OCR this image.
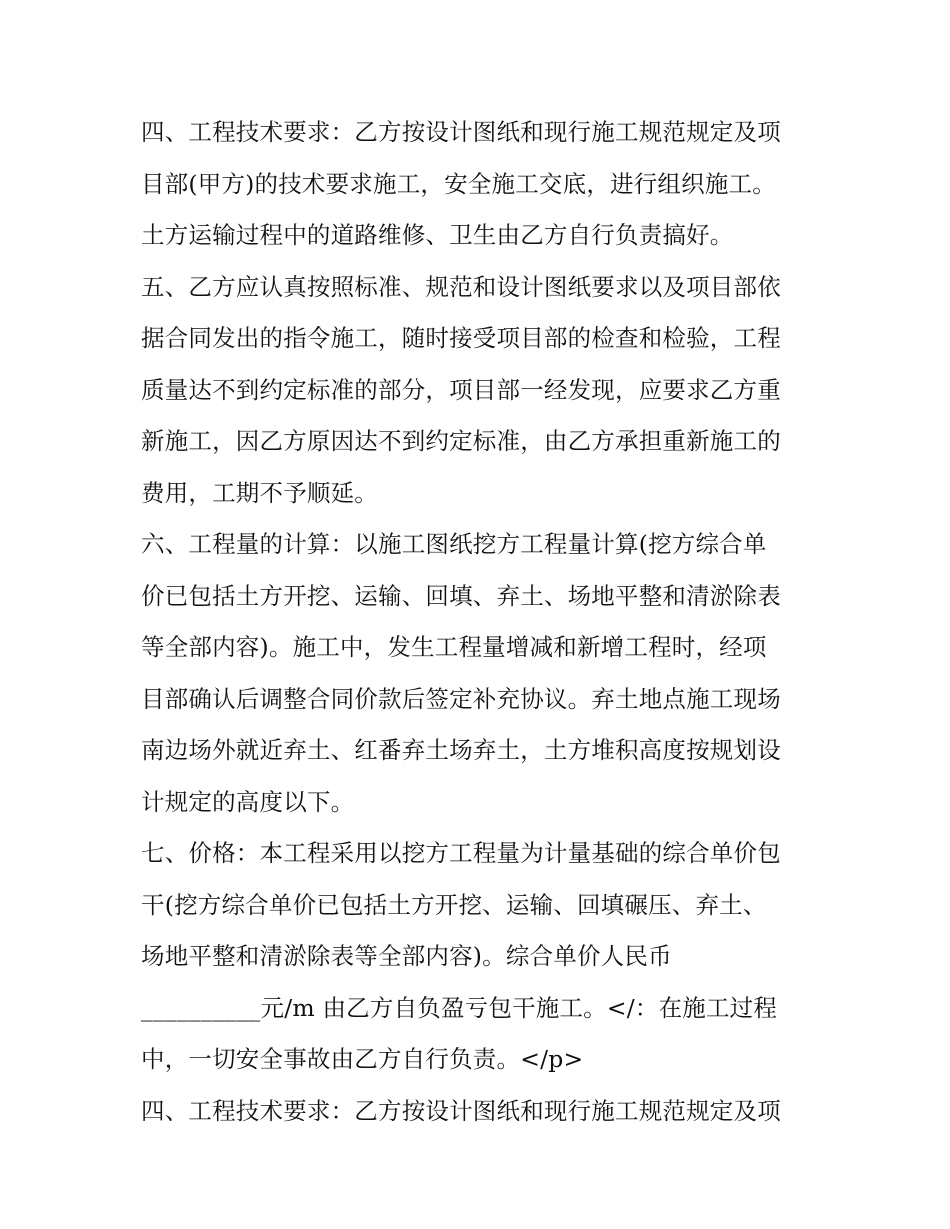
四、工程技术要求：乙方按设计图纸和现行施工规范规定及项
目部(甲方)的技术要求施工，安全施工交底，进行组织施工。
土方运输过程中的道路维修、卫生由乙方自行负责搞好。
五、乙方应认真按照标准、规范和设计图纸要求以及项目部依
据合同发出的指令施工，随时接受项目部的检查和检验，工程
质量达不到约定标准的部分，项目部一经发现，应要求乙方重
新施工，因乙方原因达不到约定标准，由乙方承担重新施工的
费用，工期不予顺延。
六、工程量的计算：以施工图纸挖方工程量计算(挖方综合单
价已包括土方开挖、运输、回填、弃土、场地平整和清淤除表
等全部内容)。施工中，发生工程量增减和新增工程时，经项
目部确认后调整合同价款后签定补充协议。弃土地点施工现场
南边场外就近弃土、红番弃土场弃土，土方堆积高度按规划设
计规定的高度以下。
七、价格：本工程采用以挖方工程量为计量基础的综合单价包
干(挖方综合单价已包括土方开挖、运输、回填碾压、弃土、
场地平整和清淤除表等全部内容)。综合单价人民币
__________元/m 由乙方自负盈亏包干施工。</：在施工过程
中，一切安全事故由乙方自行负责。</p>
四、工程技术要求：乙方按设计图纸和现行施工规范规定及项
